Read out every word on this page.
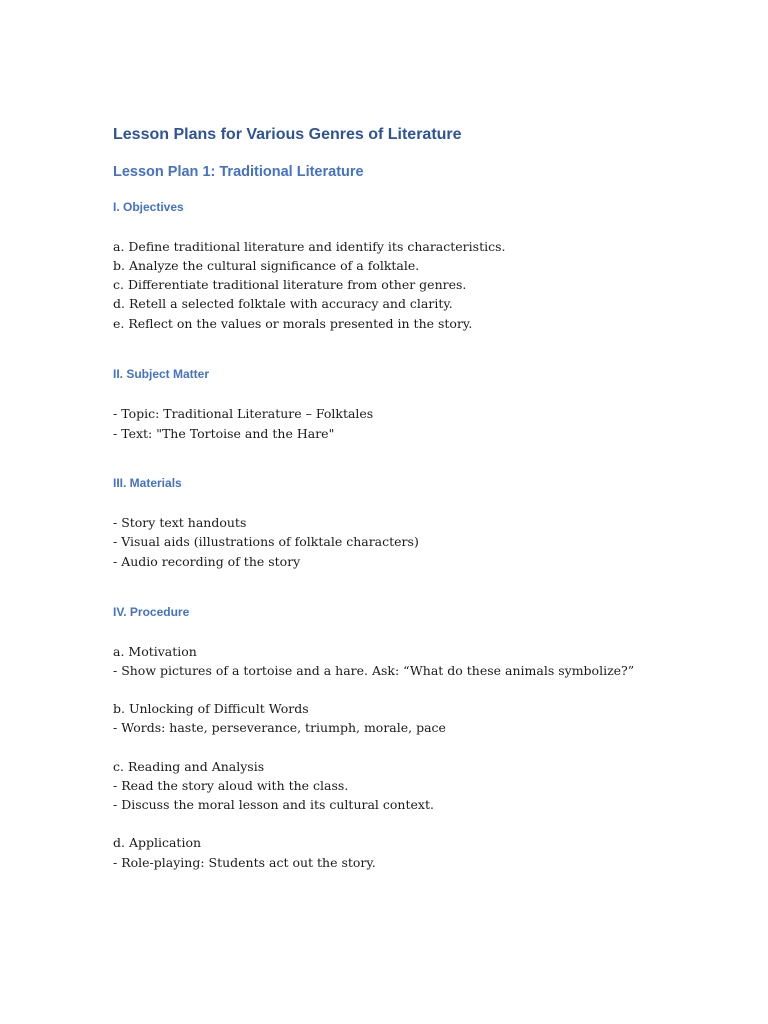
Lesson Plans for Various Genres of Literature
Lesson Plan 1: Traditional Literature
I. Objectives
a. Define traditional literature and identify its characteristics.
b. Analyze the cultural significance of a folktale.
c. Differentiate traditional literature from other genres.
d. Retell a selected folktale with accuracy and clarity.
e. Reflect on the values or morals presented in the story.
II. Subject Matter
- Topic: Traditional Literature – Folktales
- Text: "The Tortoise and the Hare"
III. Materials
- Story text handouts
- Visual aids (illustrations of folktale characters)
- Audio recording of the story
IV. Procedure
a. Motivation
- Show pictures of a tortoise and a hare. Ask: “What do these animals symbolize?”
b. Unlocking of Difficult Words
- Words: haste, perseverance, triumph, morale, pace
c. Reading and Analysis
- Read the story aloud with the class.
- Discuss the moral lesson and its cultural context.
d. Application
- Role-playing: Students act out the story.
